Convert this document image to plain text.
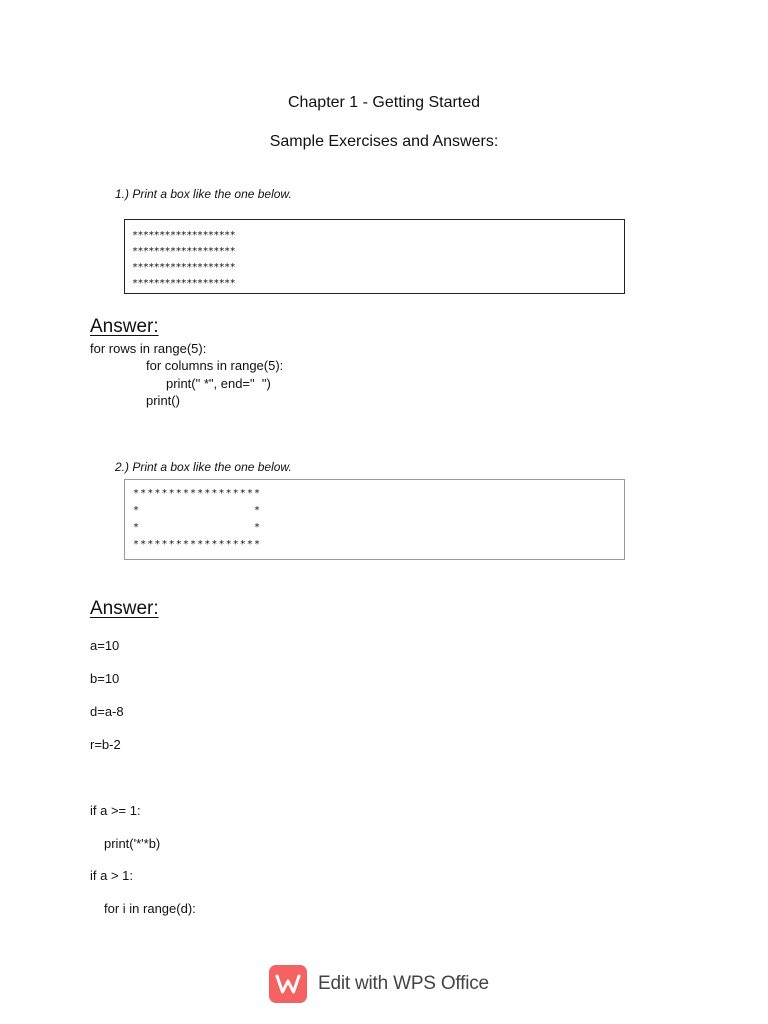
Chapter 1 - Getting Started
Sample Exercises and Answers:
1.) Print a box like the one below.
*******************
*******************
*******************
*******************
Answer:
for rows in range(5):
for columns in range(5):
print(" *", end="  ")
print()
2.) Print a box like the one below.
******************
*                *
*                *
******************
Answer:
a=10
b=10
d=a-8
r=b-2
if a >= 1:
print('*'*b)
if a > 1:
for i in range(d):
Edit with WPS Office
